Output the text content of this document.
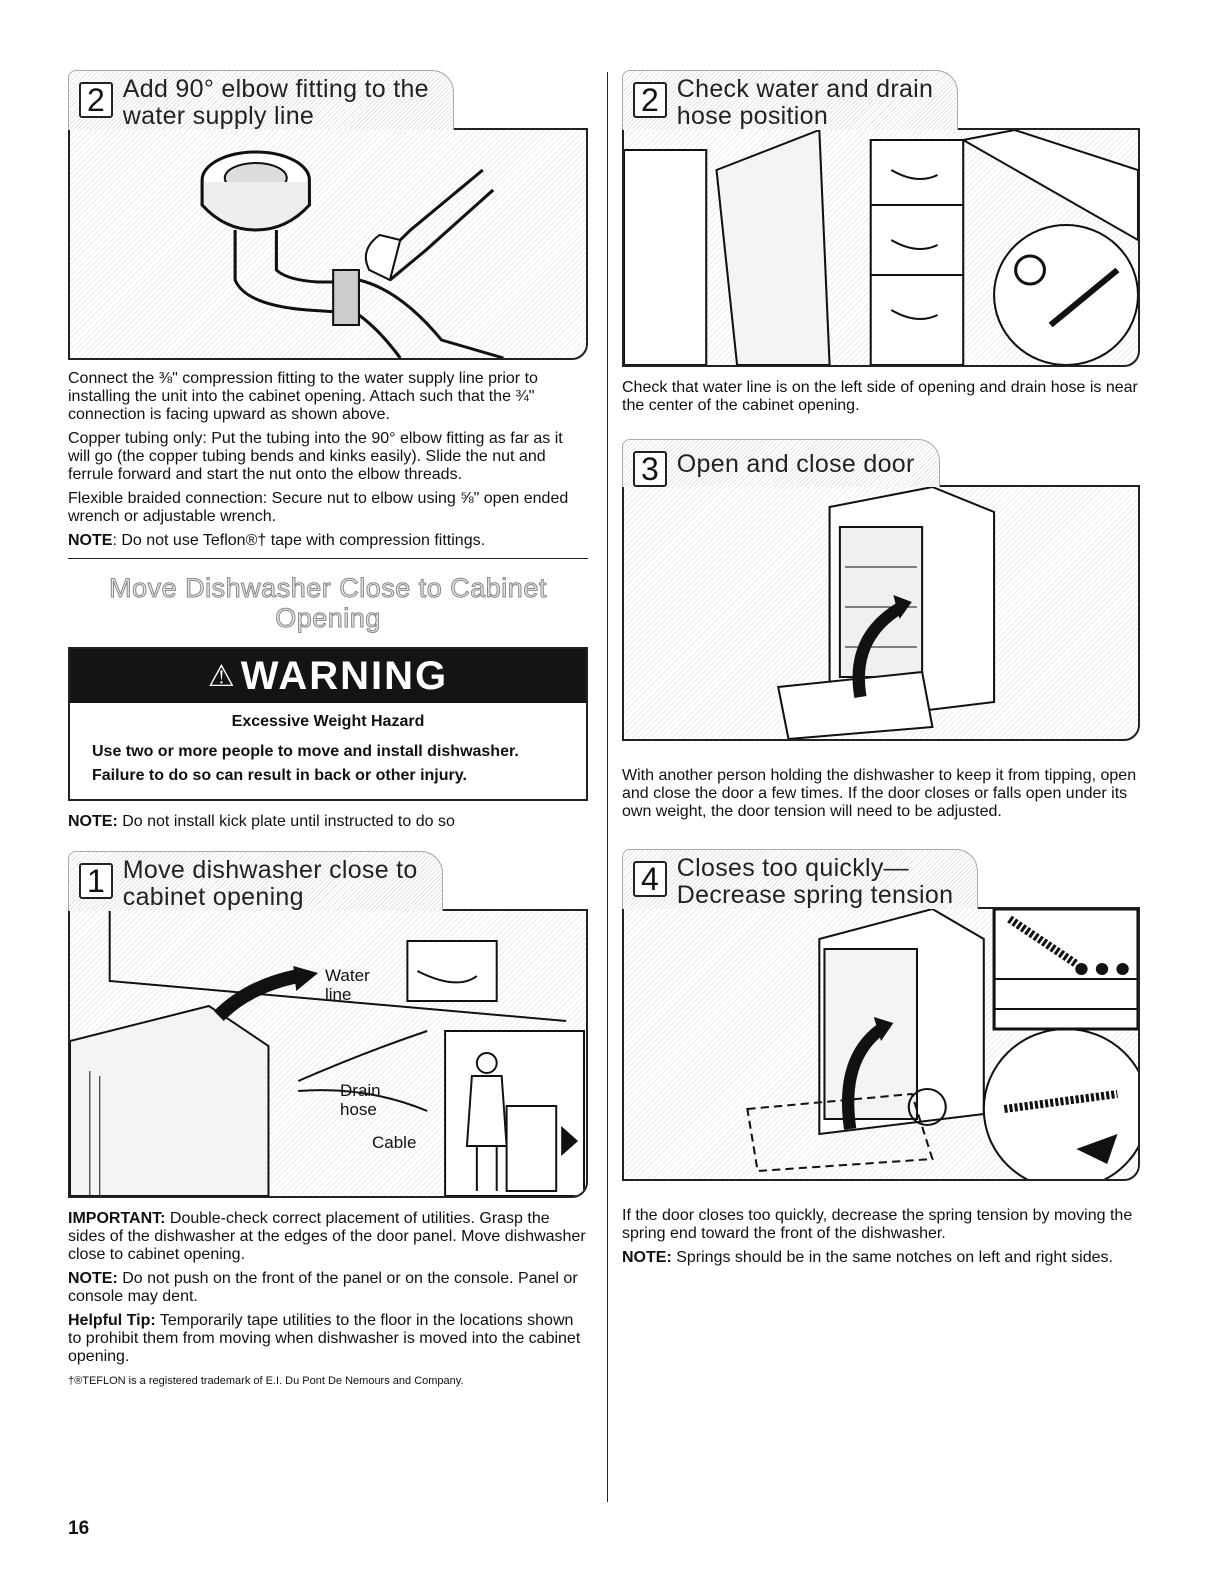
2 Add 90° elbow fitting to the
water supply line

Connect the ⅜" compression fitting to the water supply line prior to installing the unit into the cabinet opening. Attach such that the ¾" connection is facing upward as shown above.

Copper tubing only: Put the tubing into the 90° elbow fitting as far as it will go (the copper tubing bends and kinks easily). Slide the nut and ferrule forward and start the nut onto the elbow threads.

Flexible braided connection: Secure nut to elbow using ⅝" open ended wrench or adjustable wrench.

NOTE: Do not use Teflon®† tape with compression fittings.

Move Dishwasher Close to Cabinet Opening
⚠ WARNING

Excessive Weight Hazard

Use two or more people to move and install dishwasher.

Failure to do so can result in back or other injury.

NOTE: Do not install kick plate until instructed to do so

1 Move dishwasher close to
cabinet opening
Water line
Drain hose
Cable

IMPORTANT: Double-check correct placement of utilities. Grasp the sides of the dishwasher at the edges of the door panel. Move dishwasher close to cabinet opening.

NOTE: Do not push on the front of the panel or on the console. Panel or console may dent.

Helpful Tip: Temporarily tape utilities to the floor in the locations shown to prohibit them from moving when dishwasher is moved into the cabinet opening.

†®TEFLON is a registered trademark of E.I. Du Pont De Nemours and Company.
2 Check water and drain
hose position

Check that water line is on the left side of opening and drain hose is near the center of the cabinet opening.

3 Open and close door

With another person holding the dishwasher to keep it from tipping, open and close the door a few times. If the door closes or falls open under its own weight, the door tension will need to be adjusted.

4 Closes too quickly—
Decrease spring tension

If the door closes too quickly, decrease the spring tension by moving the spring end toward the front of the dishwasher.

NOTE: Springs should be in the same notches on left and right sides.

16
